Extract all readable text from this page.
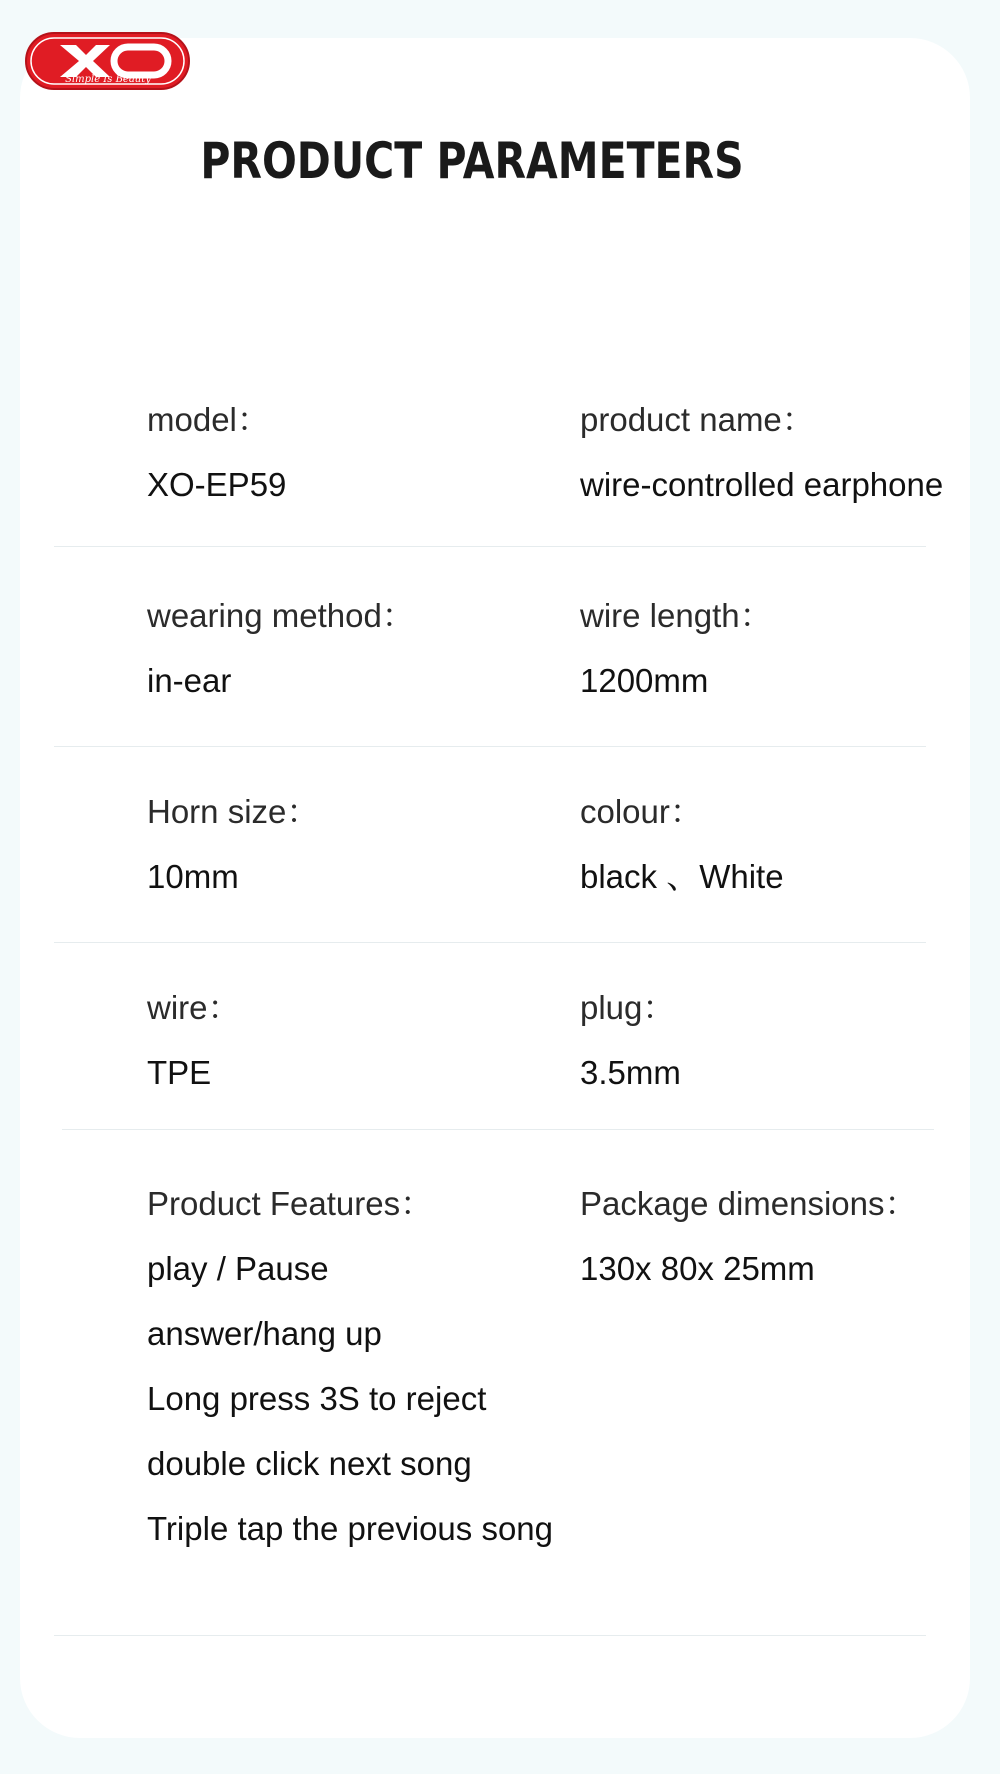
Simple Is Beauty
PRODUCT PARAMETERS
model：
XO-EP59
product name：
wire-controlled earphone
wearing method：
in-ear
wire length：
1200mm
Horn size：
10mm
colour：
black 、White
wire：
TPE
plug：
3.5mm
Product Features：
play / Pause
answer/hang up
Long press 3S to reject
double click next song
Triple tap the previous song
Package dimensions：
130x 80x 25mm
